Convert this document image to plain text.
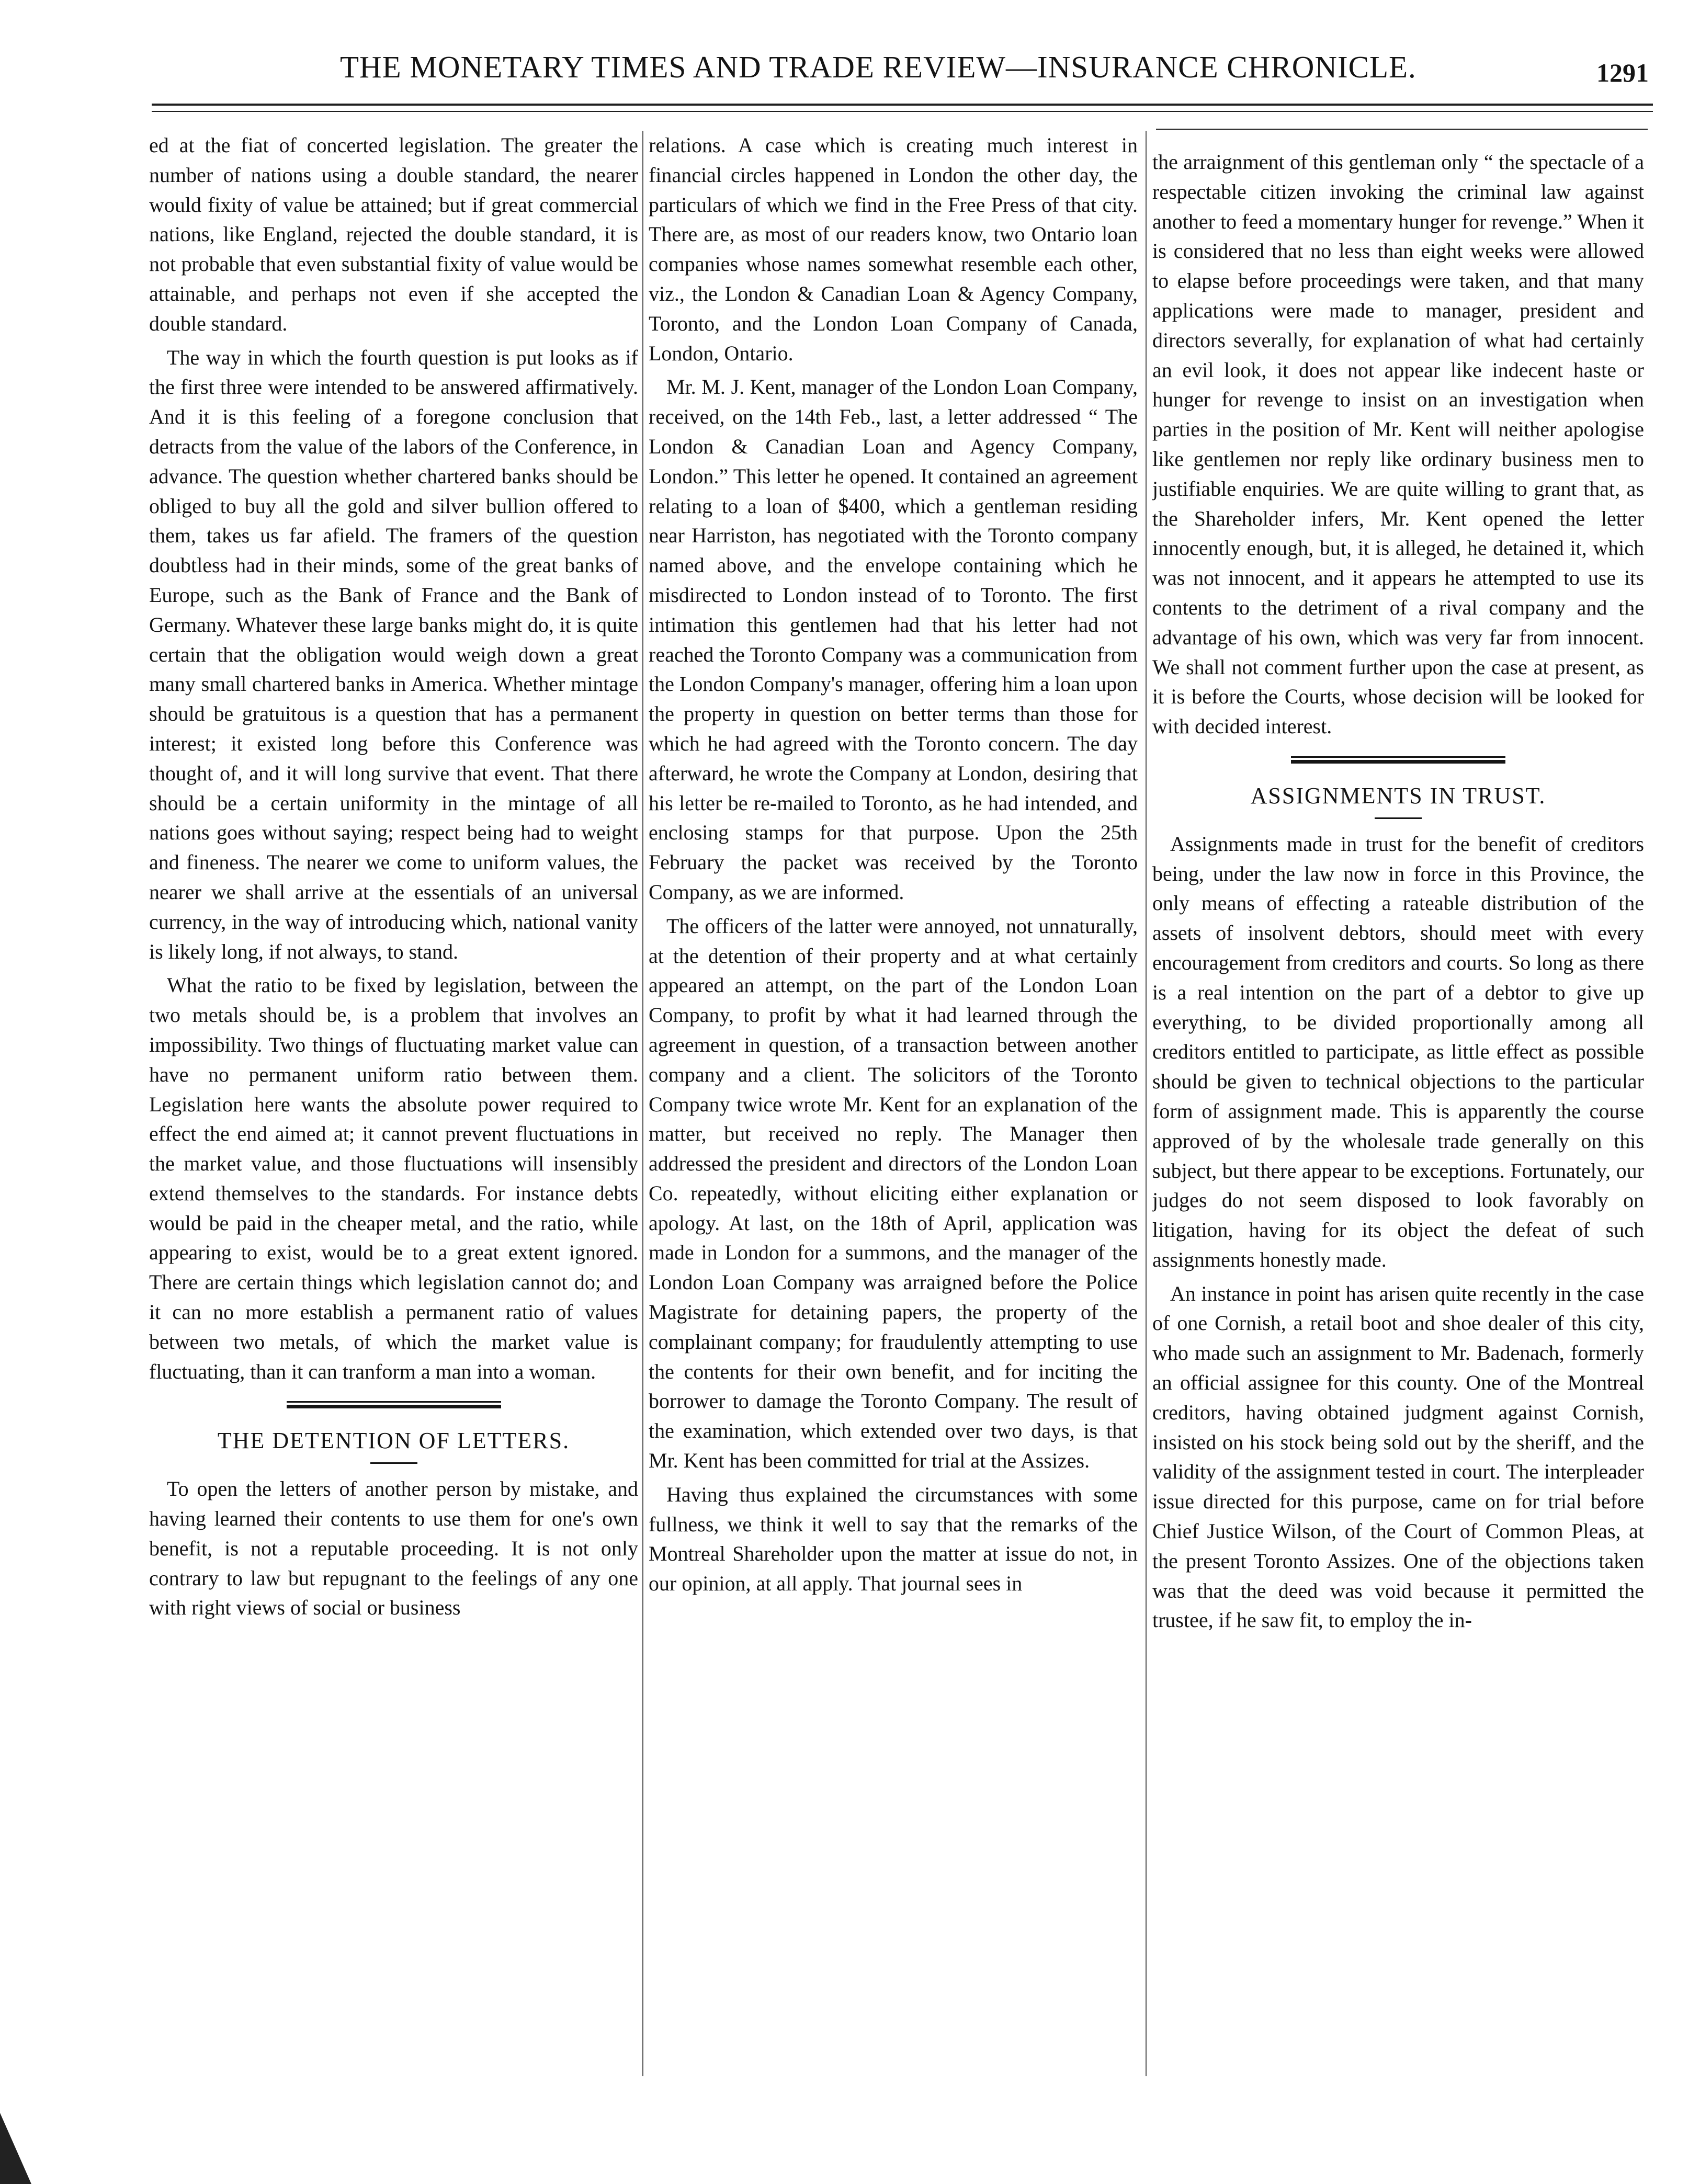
THE MONETARY TIMES AND TRADE REVIEW—INSURANCE CHRONICLE.	1291

ed at the fiat of concerted legislation. The greater the number of nations using a double standard, the nearer would fixity of value be attained; but if great commercial nations, like England, rejected the double standard, it is not probable that even substantial fixity of value would be attainable, and perhaps not even if she accepted the double standard.

The way in which the fourth question is put looks as if the first three were intended to be answered affirmatively. And it is this feeling of a foregone conclusion that detracts from the value of the labors of the Conference, in advance. The question whether chartered banks should be obliged to buy all the gold and silver bullion offered to them, takes us far afield. The framers of the question doubtless had in their minds, some of the great banks of Europe, such as the Bank of France and the Bank of Germany. Whatever these large banks might do, it is quite certain that the obligation would weigh down a great many small chartered banks in America. Whether mintage should be gratuitous is a question that has a permanent interest; it existed long before this Conference was thought of, and it will long survive that event. That there should be a certain uniformity in the mintage of all nations goes without saying; respect being had to weight and fineness. The nearer we come to uniform values, the nearer we shall arrive at the essentials of an universal currency, in the way of introducing which, national vanity is likely long, if not always, to stand.

What the ratio to be fixed by legislation, between the two metals should be, is a problem that involves an impossibility. Two things of fluctuating market value can have no permanent uniform ratio between them. Legislation here wants the absolute power required to effect the end aimed at; it cannot prevent fluctuations in the market value, and those fluctuations will insensibly extend themselves to the standards. For instance debts would be paid in the cheaper metal, and the ratio, while appearing to exist, would be to a great extent ignored. There are certain things which legislation cannot do; and it can no more establish a permanent ratio of values between two metals, of which the market value is fluctuating, than it can tranform a man into a woman.

THE DETENTION OF LETTERS.

To open the letters of another person by mistake, and having learned their contents to use them for one's own benefit, is not a reputable proceeding. It is not only contrary to law but repugnant to the feelings of any one with right views of social or business

relations. A case which is creating much interest in financial circles happened in London the other day, the particulars of which we find in the Free Press of that city. There are, as most of our readers know, two Ontario loan companies whose names somewhat resemble each other, viz., the London & Canadian Loan & Agency Company, Toronto, and the London Loan Company of Canada, London, Ontario.

Mr. M. J. Kent, manager of the London Loan Company, received, on the 14th Feb., last, a letter addressed “ The London & Canadian Loan and Agency Company, London.” This letter he opened. It contained an agreement relating to a loan of $400, which a gentleman residing near Harriston, has negotiated with the Toronto company named above, and the envelope containing which he misdirected to London instead of to Toronto. The first intimation this gentlemen had that his letter had not reached the Toronto Company was a communication from the London Company's manager, offering him a loan upon the property in question on better terms than those for which he had agreed with the Toronto concern. The day afterward, he wrote the Company at London, desiring that his letter be re-mailed to Toronto, as he had intended, and enclosing stamps for that purpose. Upon the 25th February the packet was received by the Toronto Company, as we are informed.

The officers of the latter were annoyed, not unnaturally, at the detention of their property and at what certainly appeared an attempt, on the part of the London Loan Company, to profit by what it had learned through the agreement in question, of a transaction between another company and a client. The solicitors of the Toronto Company twice wrote Mr. Kent for an explanation of the matter, but received no reply. The Manager then addressed the president and directors of the London Loan Co. repeatedly, without eliciting either explanation or apology. At last, on the 18th of April, application was made in London for a summons, and the manager of the London Loan Company was arraigned before the Police Magistrate for detaining papers, the property of the complainant company; for fraudulently attempting to use the contents for their own benefit, and for inciting the borrower to damage the Toronto Company. The result of the examination, which extended over two days, is that Mr. Kent has been committed for trial at the Assizes.

Having thus explained the circumstances with some fullness, we think it well to say that the remarks of the Montreal Shareholder upon the matter at issue do not, in our opinion, at all apply. That journal sees in

the arraignment of this gentleman only “ the spectacle of a respectable citizen invoking the criminal law against another to feed a momentary hunger for revenge.” When it is considered that no less than eight weeks were allowed to elapse before proceedings were taken, and that many applications were made to manager, president and directors severally, for explanation of what had certainly an evil look, it does not appear like indecent haste or hunger for revenge to insist on an investigation when parties in the position of Mr. Kent will neither apologise like gentlemen nor reply like ordinary business men to justifiable enquiries. We are quite willing to grant that, as the Shareholder infers, Mr. Kent opened the letter innocently enough, but, it is alleged, he detained it, which was not innocent, and it appears he attempted to use its contents to the detriment of a rival company and the advantage of his own, which was very far from innocent. We shall not comment further upon the case at present, as it is before the Courts, whose decision will be looked for with decided interest.

ASSIGNMENTS IN TRUST.

Assignments made in trust for the benefit of creditors being, under the law now in force in this Province, the only means of effecting a rateable distribution of the assets of insolvent debtors, should meet with every encouragement from creditors and courts. So long as there is a real intention on the part of a debtor to give up everything, to be divided proportionally among all creditors entitled to participate, as little effect as possible should be given to technical objections to the particular form of assignment made. This is apparently the course approved of by the wholesale trade generally on this subject, but there appear to be exceptions. Fortunately, our judges do not seem disposed to look favorably on litigation, having for its object the defeat of such assignments honestly made.

An instance in point has arisen quite recently in the case of one Cornish, a retail boot and shoe dealer of this city, who made such an assignment to Mr. Badenach, formerly an official assignee for this county. One of the Montreal creditors, having obtained judgment against Cornish, insisted on his stock being sold out by the sheriff, and the validity of the assignment tested in court. The interpleader issue directed for this purpose, came on for trial before Chief Justice Wilson, of the Court of Common Pleas, at the present Toronto Assizes. One of the objections taken was that the deed was void because it permitted the trustee, if he saw fit, to employ the in-
